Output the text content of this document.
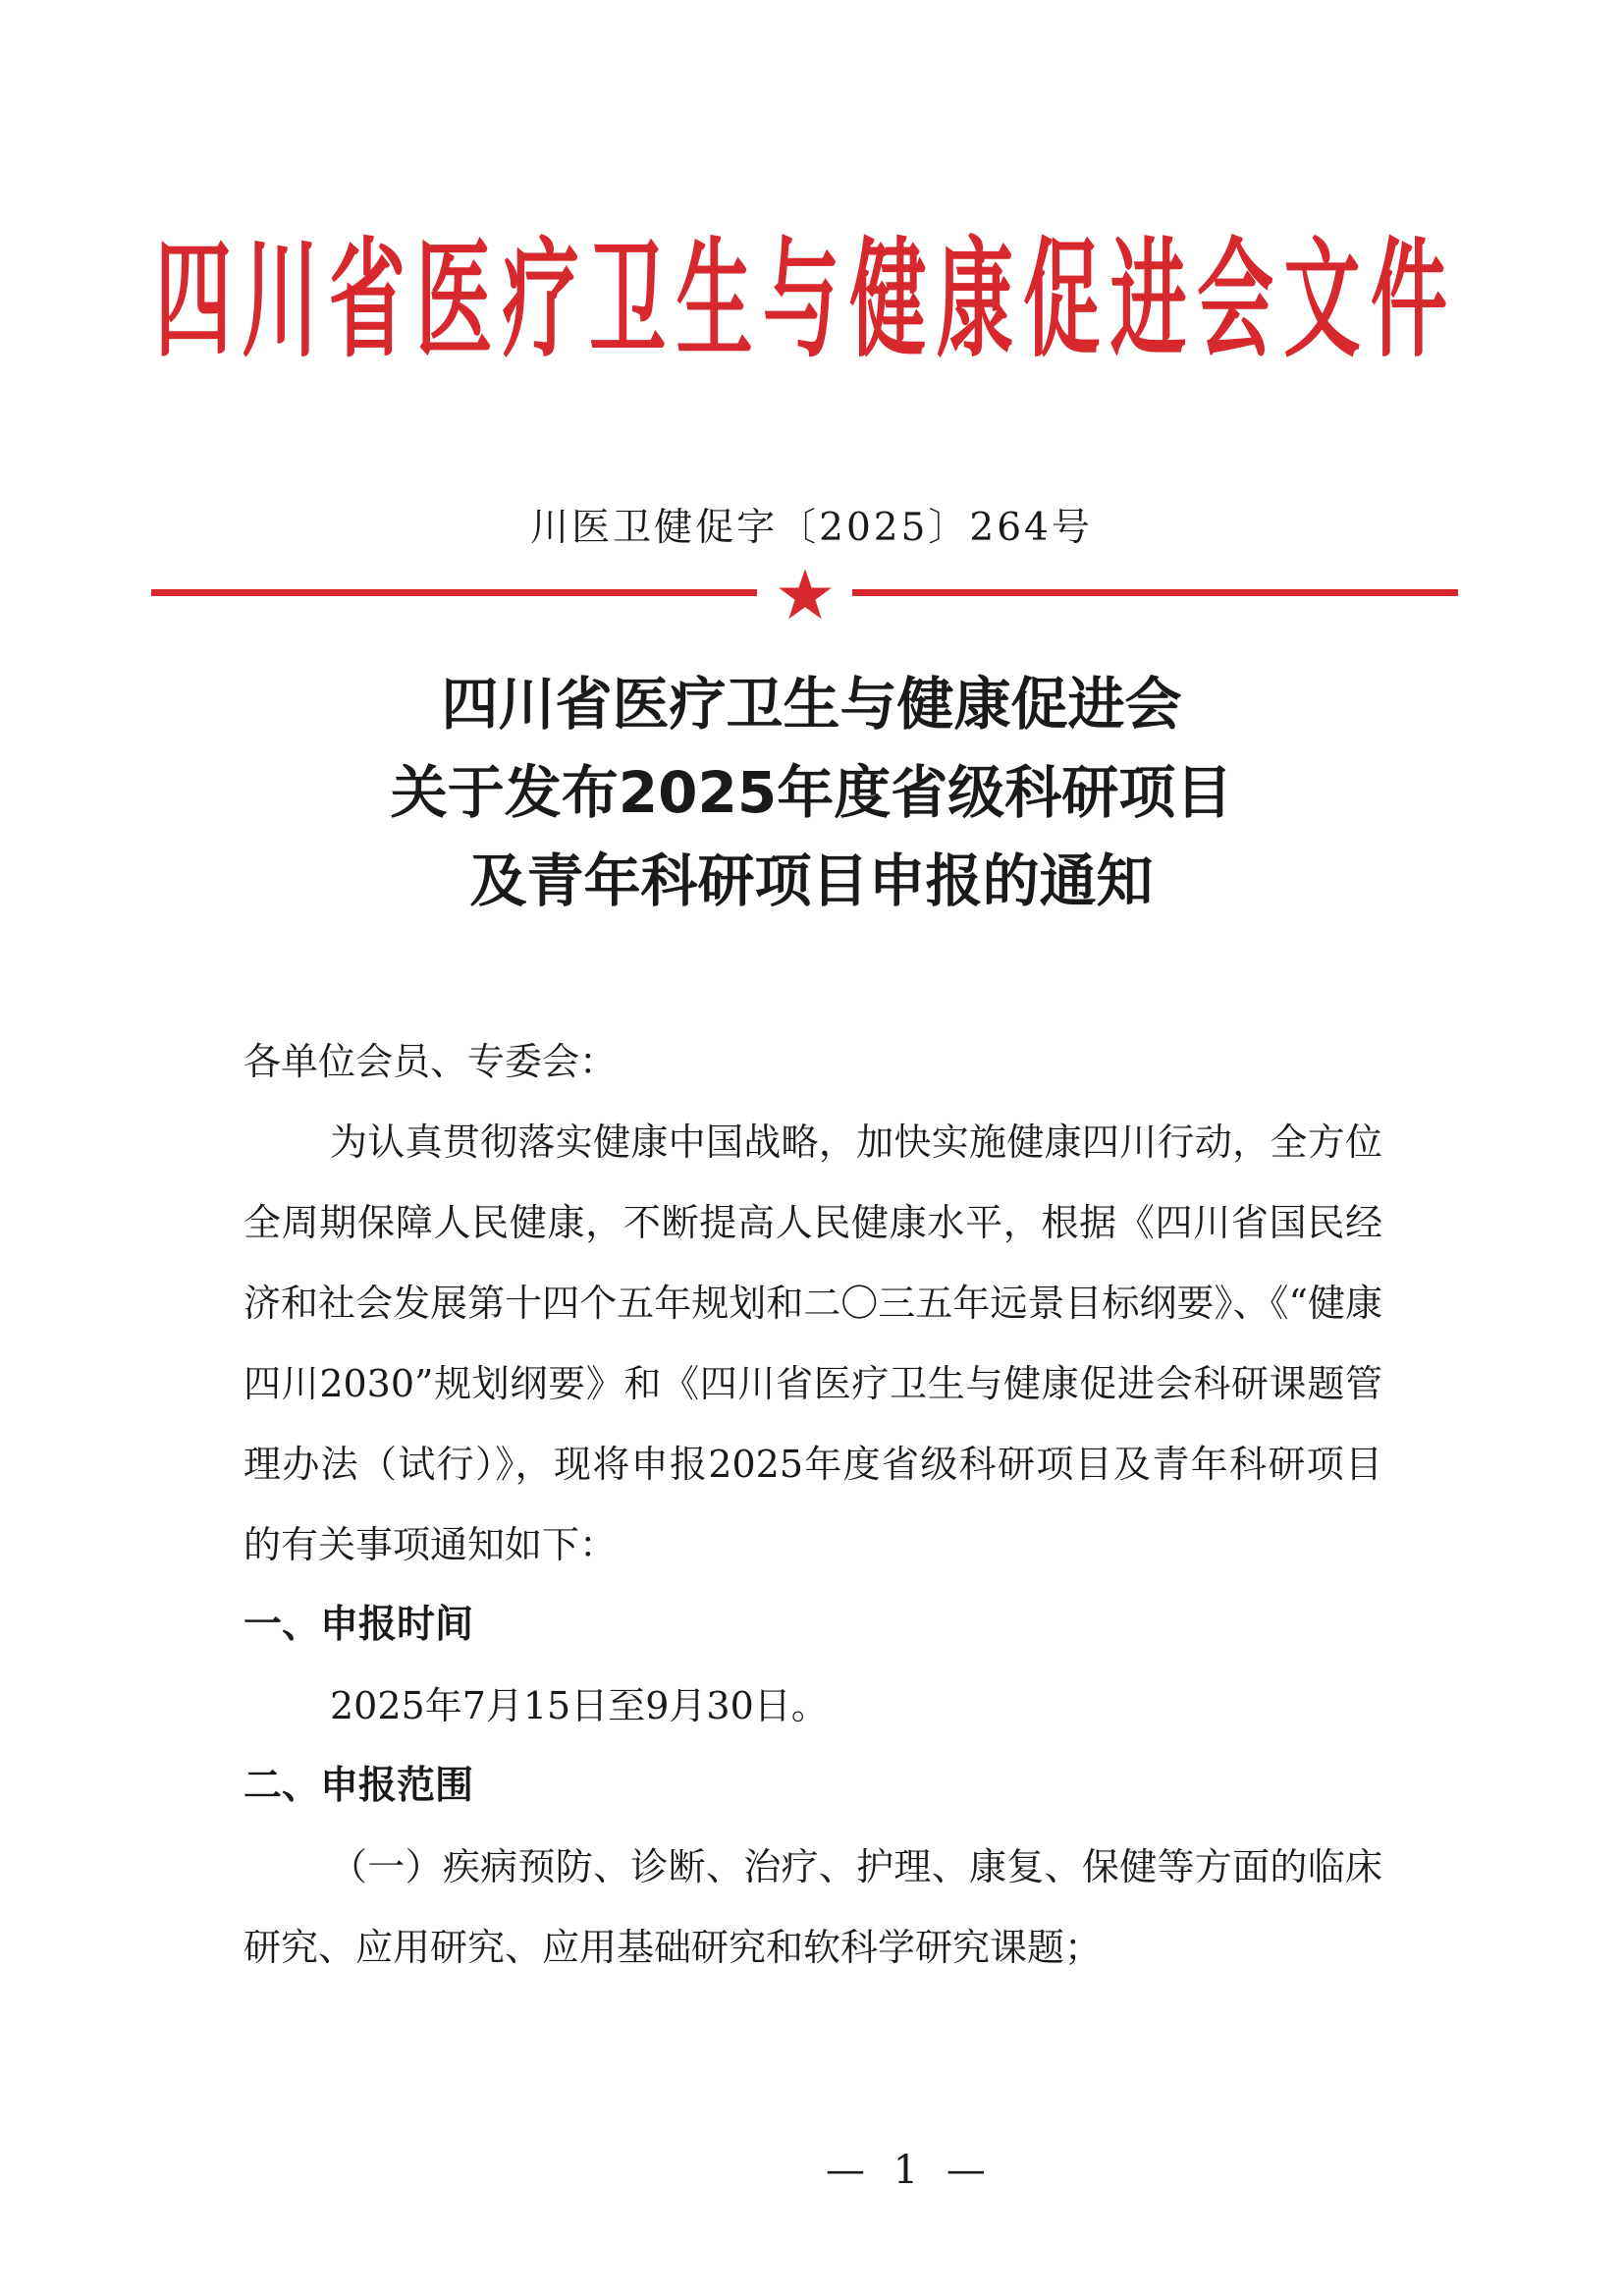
四 川 省 医 疗 卫 生 与 健 康 促 进 会 文 件
川医卫健促字〔2025〕264号
四川省医疗卫生与健康促进会
关于发布2025年度省级科研项目
及青年科研项目申报的通知
各单位会员、专委会：
为认真贯彻落实健康中国战略，加快实施健康四川行动，全方位全周期保障人民健康，不断提高人民健康水平，根据《四川省国民经济和社会发展第十四个五年规划和二〇三五年远景目标纲要》、《“健康四川2030”规划纲要》和《四川省医疗卫生与健康促进会科研课题管理办法（试行）》，现将申报2025年度省级科研项目及青年科研项目的有关事项通知如下：
一、申报时间
2025年7月15日至9月30日。
二、申报范围
（一）疾病预防、诊断、治疗、护理、康复、保健等方面的临床研究、应用研究、应用基础研究和软科学研究课题；
— 1 —
